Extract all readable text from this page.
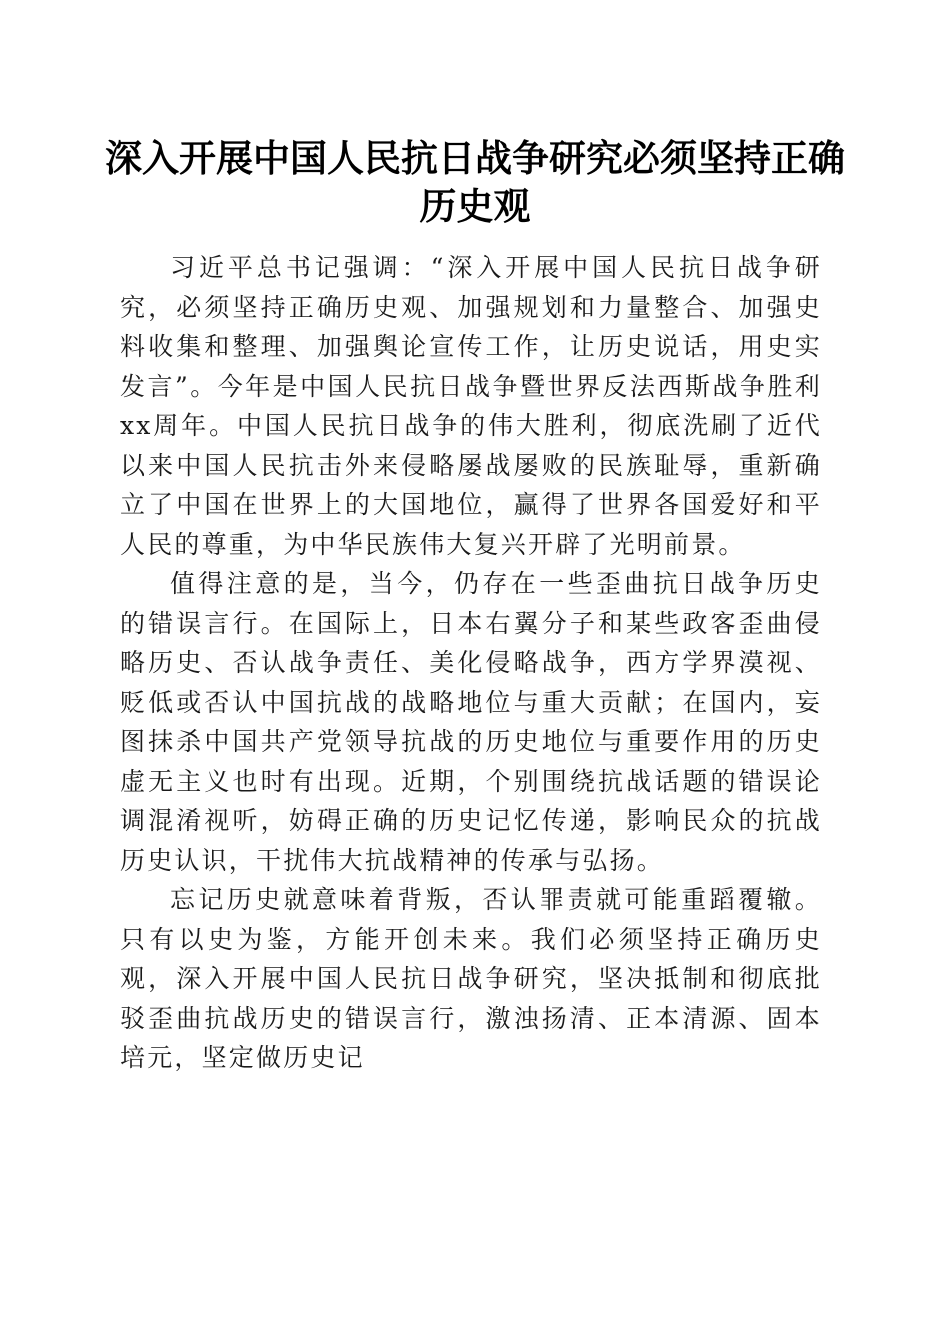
深入开展中国人民抗日战争研究必须坚持正确历史观

习近平总书记强调：“深入开展中国人民抗日战争研究，必须坚持正确历史观、加强规划和力量整合、加强史料收集和整理、加强舆论宣传工作，让历史说话，用史实发言”。今年是中国人民抗日战争暨世界反法西斯战争胜利xx周年。中国人民抗日战争的伟大胜利，彻底洗刷了近代以来中国人民抗击外来侵略屡战屡败的民族耻辱，重新确立了中国在世界上的大国地位，赢得了世界各国爱好和平人民的尊重，为中华民族伟大复兴开辟了光明前景。

值得注意的是，当今，仍存在一些歪曲抗日战争历史的错误言行。在国际上，日本右翼分子和某些政客歪曲侵略历史、否认战争责任、美化侵略战争，西方学界漠视、贬低或否认中国抗战的战略地位与重大贡献；在国内，妄图抹杀中国共产党领导抗战的历史地位与重要作用的历史虚无主义也时有出现。近期，个别围绕抗战话题的错误论调混淆视听，妨碍正确的历史记忆传递，影响民众的抗战历史认识，干扰伟大抗战精神的传承与弘扬。

忘记历史就意味着背叛，否认罪责就可能重蹈覆辙。只有以史为鉴，方能开创未来。我们必须坚持正确历史观，深入开展中国人民抗日战争研究，坚决抵制和彻底批驳歪曲抗战历史的错误言行，激浊扬清、正本清源、固本培元，坚定做历史记
